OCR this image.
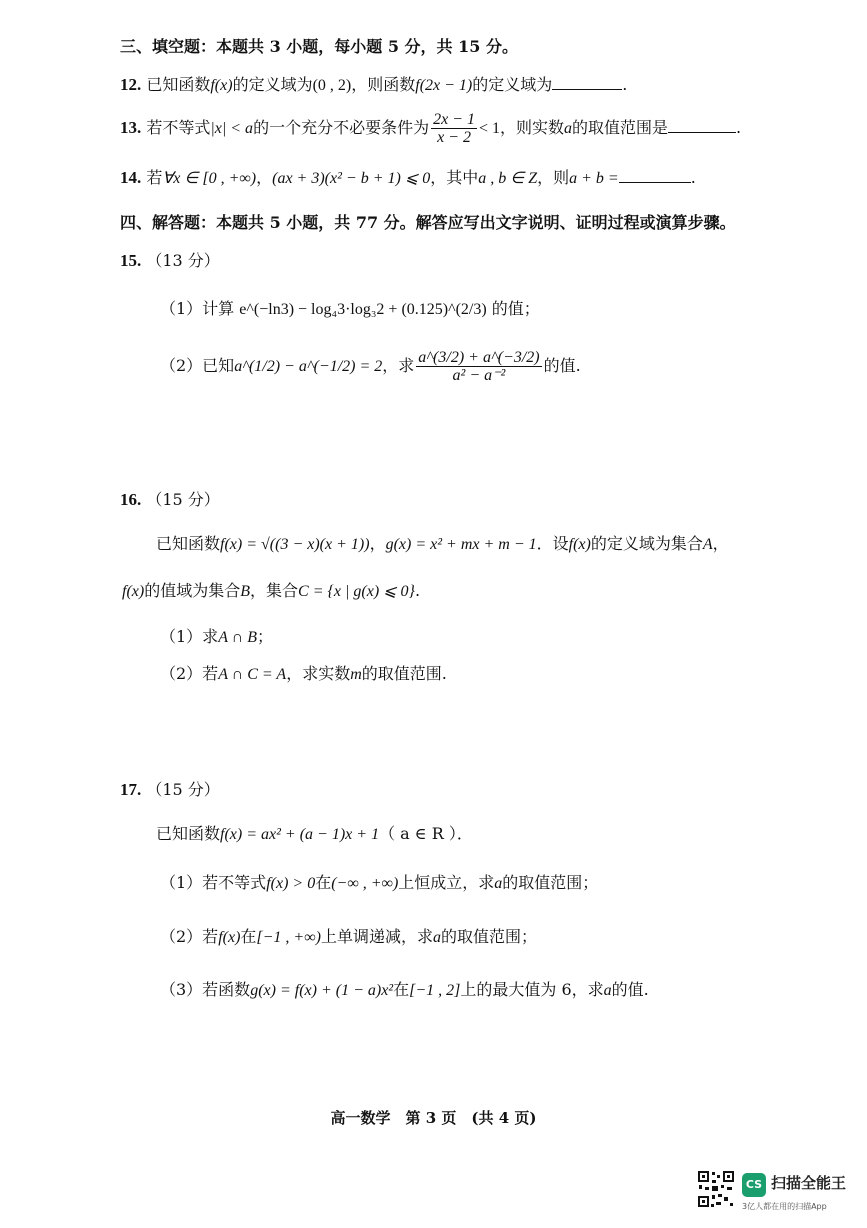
三、填空题：本题共 3 小题，每小题 5 分，共 15 分。
12. 已知函数f(x)的定义域为(0 , 2)，则函数f(2x − 1)的定义域为	.
13. 若不等式|x| < a的一个充分不必要条件为 $\frac{2x - 1}{x - 2} < 1$，则实数a的取值范围是	.
14. 若∀x ∈ [0 , +∞)，(ax + 3)(x² − b + 1) ⩽ 0，其中a , b ∈ Z，则a + b =	.
四、解答题：本题共 5 小题，共 77 分。解答应写出文字说明、证明过程或演算步骤。
15. （13 分）
（1）计算 e^(−ln3) − log₄3·log₃2 + (0.125)^(2/3) 的值；
（2）已知a^(1/2) − a^(−1/2) = 2，求 $\frac{a\^{}(3/2) + a\^{}(-3/2)}{\text{a² − a⁻²}}$ 的值.
16. （15 分）
已知函数f(x) = √((3 − x)(x + 1))，g(x) = x² + mx + m − 1．设f(x)的定义域为集合A，
f(x)的值域为集合B，集合C = {x | g(x) ⩽ 0}.
（1）求A ∩ B；
（2）若A ∩ C = A，求实数m的取值范围.
17. （15 分）
已知函数f(x) = ax² + (a − 1)x + 1（ a ∈ R ）．
（1）若不等式f(x) > 0在(−∞ , +∞)上恒成立，求a的取值范围；
（2）若f(x)在[−1 , +∞)上单调递减，求a的取值范围；
（3）若函数g(x) = f(x) + (1 − a)x²在[−1 , 2]上的最大值为 6，求a的值.
高一数学　第 3 页　(共 4 页)
CS 扫描全能王
3亿人都在用的扫描App
